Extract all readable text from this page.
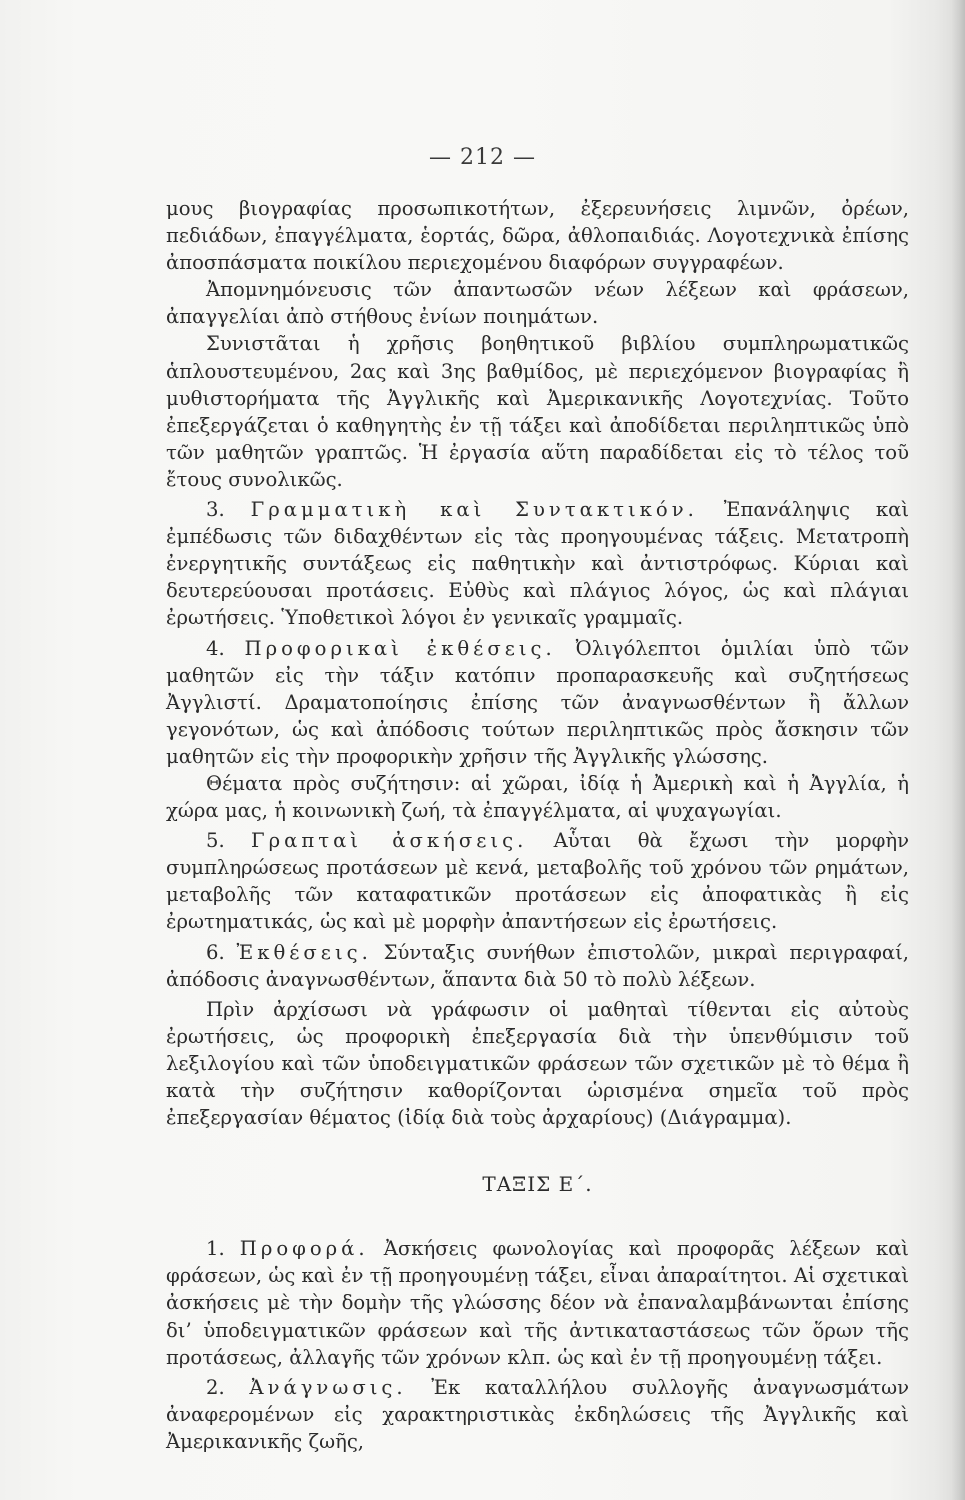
— 212 —

μους βιογραφίας προσωπικοτήτων, ἐξερευνήσεις λιμνῶν, ὀρέων, πεδιάδων, ἐπαγγέλματα, ἑορτάς, δῶρα, ἀθλοπαιδιάς. Λογοτεχνικὰ ἐπίσης ἀποσπάσματα ποικίλου περιεχομένου διαφόρων συγγραφέων.

Ἀπομνημόνευσις τῶν ἀπαντωσῶν νέων λέξεων καὶ φράσεων, ἀπαγγελίαι ἀπὸ στήθους ἐνίων ποιημάτων.

Συνιστᾶται ἡ χρῆσις βοηθητικοῦ βιβλίου συμπληρωματικῶς ἁπλουστευμένου, 2ας καὶ 3ης βαθμίδος, μὲ περιεχόμενον βιογραφίας ἢ μυθιστορήματα τῆς Ἀγγλικῆς καὶ Ἀμερικανικῆς Λογοτεχνίας. Τοῦτο ἐπεξεργάζεται ὁ καθηγητὴς ἐν τῇ τάξει καὶ ἀποδίδεται περιληπτικῶς ὑπὸ τῶν μαθητῶν γραπτῶς. Ἡ ἐργασία αὕτη παραδίδεται εἰς τὸ τέλος τοῦ ἔτους συνολικῶς.

3. Γραμματικὴ καὶ Συντακτικόν. Ἐπανάληψις καὶ ἐμπέδωσις τῶν διδαχθέντων εἰς τὰς προηγουμένας τάξεις. Μετατροπὴ ἐνεργητικῆς συντάξεως εἰς παθητικὴν καὶ ἀντιστρόφως. Κύριαι καὶ δευτερεύουσαι προτάσεις. Εὐθὺς καὶ πλάγιος λόγος, ὡς καὶ πλάγιαι ἐρωτήσεις. Ὑποθετικοὶ λόγοι ἐν γενικαῖς γραμμαῖς.

4. Προφορικαὶ ἐκθέσεις. Ὀλιγόλεπτοι ὁμιλίαι ὑπὸ τῶν μαθητῶν εἰς τὴν τάξιν κατόπιν προπαρασκευῆς καὶ συζητήσεως Ἀγγλιστί. Δραματοποίησις ἐπίσης τῶν ἀναγνωσθέντων ἢ ἄλλων γεγονότων, ὡς καὶ ἀπόδοσις τούτων περιληπτικῶς πρὸς ἄσκησιν τῶν μαθητῶν εἰς τὴν προφορικὴν χρῆσιν τῆς Ἀγγλικῆς γλώσσης.

Θέματα πρὸς συζήτησιν: αἱ χῶραι, ἰδίᾳ ἡ Ἀμερικὴ καὶ ἡ Ἀγγλία, ἡ χώρα μας, ἡ κοινωνικὴ ζωή, τὰ ἐπαγγέλματα, αἱ ψυχαγωγίαι.

5. Γραπταὶ ἀσκήσεις. Αὗται θὰ ἔχωσι τὴν μορφὴν συμπληρώσεως προτάσεων μὲ κενά, μεταβολῆς τοῦ χρόνου τῶν ρημάτων, μεταβολῆς τῶν καταφατικῶν προτάσεων εἰς ἀποφατικὰς ἢ εἰς ἐρωτηματικάς, ὡς καὶ μὲ μορφὴν ἀπαντήσεων εἰς ἐρωτήσεις.

6. Ἐκθέσεις. Σύνταξις συνήθων ἐπιστολῶν, μικραὶ περιγραφαί, ἀπόδοσις ἀναγνωσθέντων, ἅπαντα διὰ 50 τὸ πολὺ λέξεων.

Πρὶν ἀρχίσωσι νὰ γράφωσιν οἱ μαθηταὶ τίθενται εἰς αὐτοὺς ἐρωτήσεις, ὡς προφορικὴ ἐπεξεργασία διὰ τὴν ὑπενθύμισιν τοῦ λεξιλογίου καὶ τῶν ὑποδειγματικῶν φράσεων τῶν σχετικῶν μὲ τὸ θέμα ἢ κατὰ τὴν συζήτησιν καθορίζονται ὡρισμένα σημεῖα τοῦ πρὸς ἐπεξεργασίαν θέματος (ἰδίᾳ διὰ τοὺς ἀρχαρίους) (Διάγραμμα).

ΤΑΞΙΣ Ε΄.

1. Προφορά. Ἀσκήσεις φωνολογίας καὶ προφορᾶς λέξεων καὶ φράσεων, ὡς καὶ ἐν τῇ προηγουμένῃ τάξει, εἶναι ἀπαραίτητοι. Αἱ σχετικαὶ ἀσκήσεις μὲ τὴν δομὴν τῆς γλώσσης δέον νὰ ἐπαναλαμβάνωνται ἐπίσης δι’ ὑποδειγματικῶν φράσεων καὶ τῆς ἀντικαταστάσεως τῶν ὅρων τῆς προτάσεως, ἀλλαγῆς τῶν χρόνων κλπ. ὡς καὶ ἐν τῇ προηγουμένῃ τάξει.

2. Ἀνάγνωσις. Ἐκ καταλλήλου συλλογῆς ἀναγνωσμάτων ἀναφερομένων εἰς χαρακτηριστικὰς ἐκδηλώσεις τῆς Ἀγγλικῆς καὶ Ἀμερικανικῆς ζωῆς,
